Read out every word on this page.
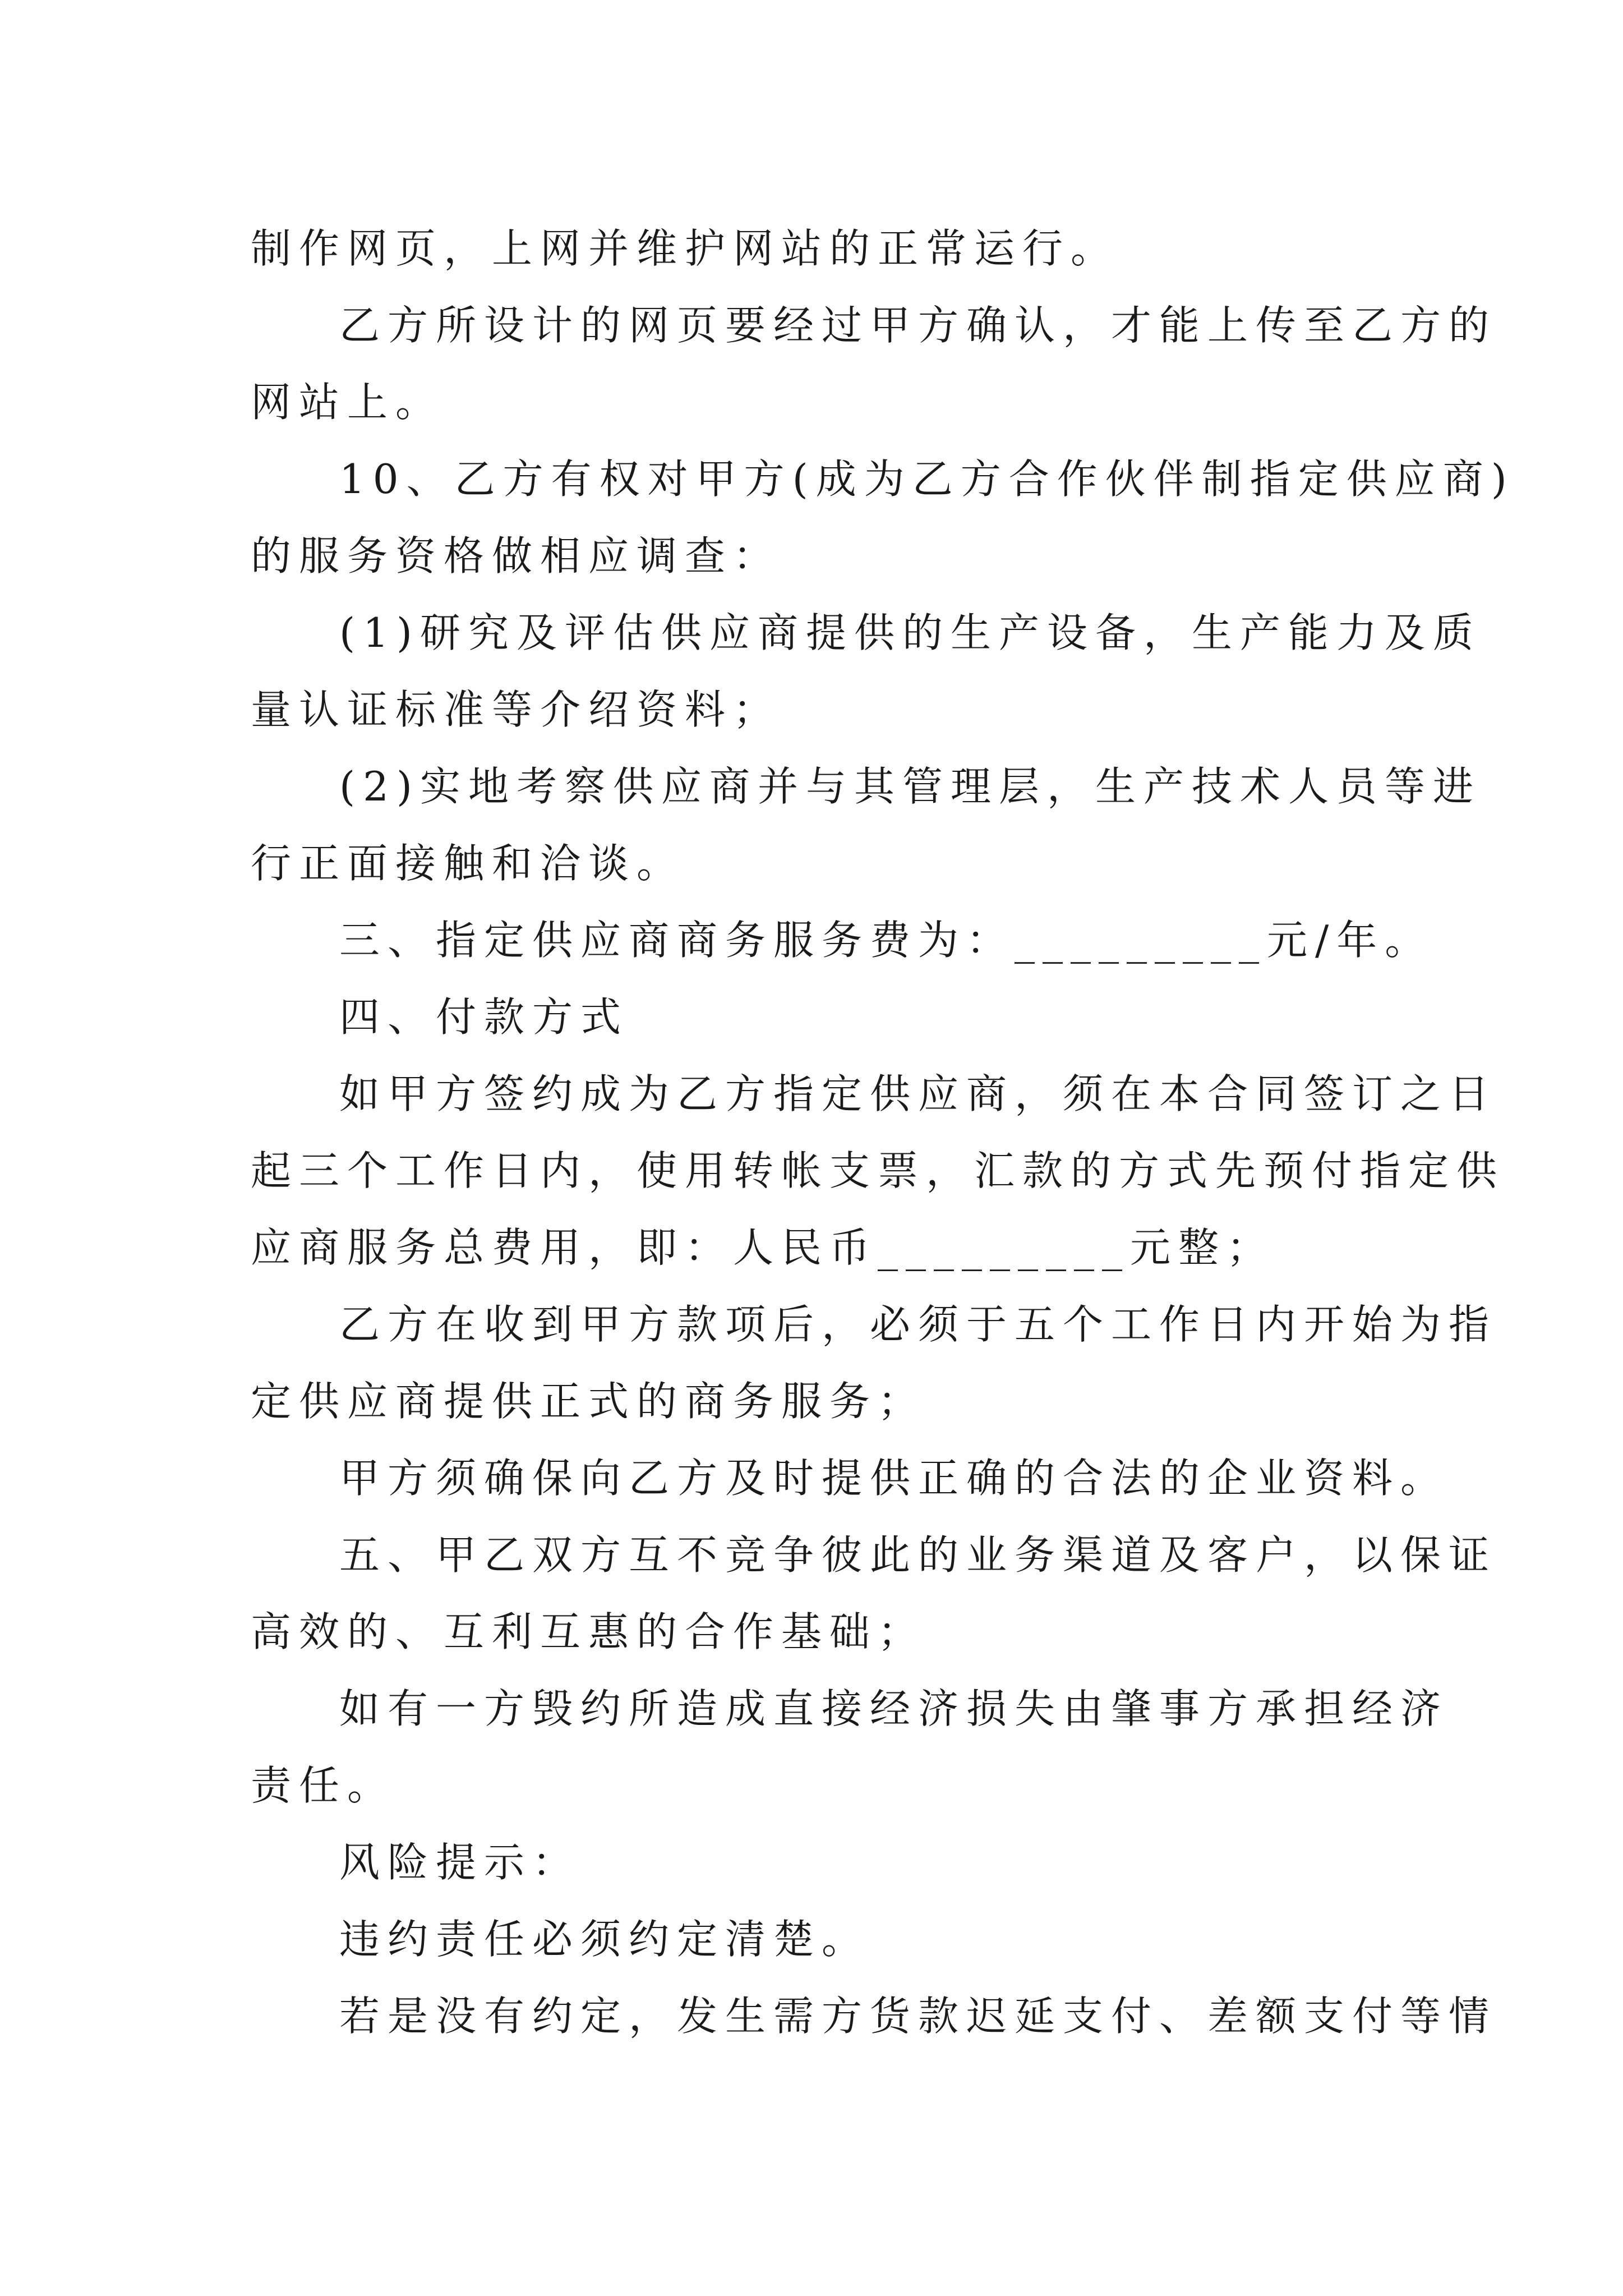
制作网页，上网并维护网站的正常运行。
乙方所设计的网页要经过甲方确认，才能上传至乙方的
网站上。
10、乙方有权对甲方(成为乙方合作伙伴制指定供应商)
的服务资格做相应调查：
(1)研究及评估供应商提供的生产设备，生产能力及质
量认证标准等介绍资料；
(2)实地考察供应商并与其管理层，生产技术人员等进
行正面接触和洽谈。
三、指定供应商商务服务费为：_________元/年。
四、付款方式
如甲方签约成为乙方指定供应商，须在本合同签订之日
起三个工作日内，使用转帐支票，汇款的方式先预付指定供
应商服务总费用，即：人民币_________元整；
乙方在收到甲方款项后，必须于五个工作日内开始为指
定供应商提供正式的商务服务；
甲方须确保向乙方及时提供正确的合法的企业资料。
五、甲乙双方互不竞争彼此的业务渠道及客户，以保证
高效的、互利互惠的合作基础；
如有一方毁约所造成直接经济损失由肇事方承担经济
责任。
风险提示：
违约责任必须约定清楚。
若是没有约定，发生需方货款迟延支付、差额支付等情
